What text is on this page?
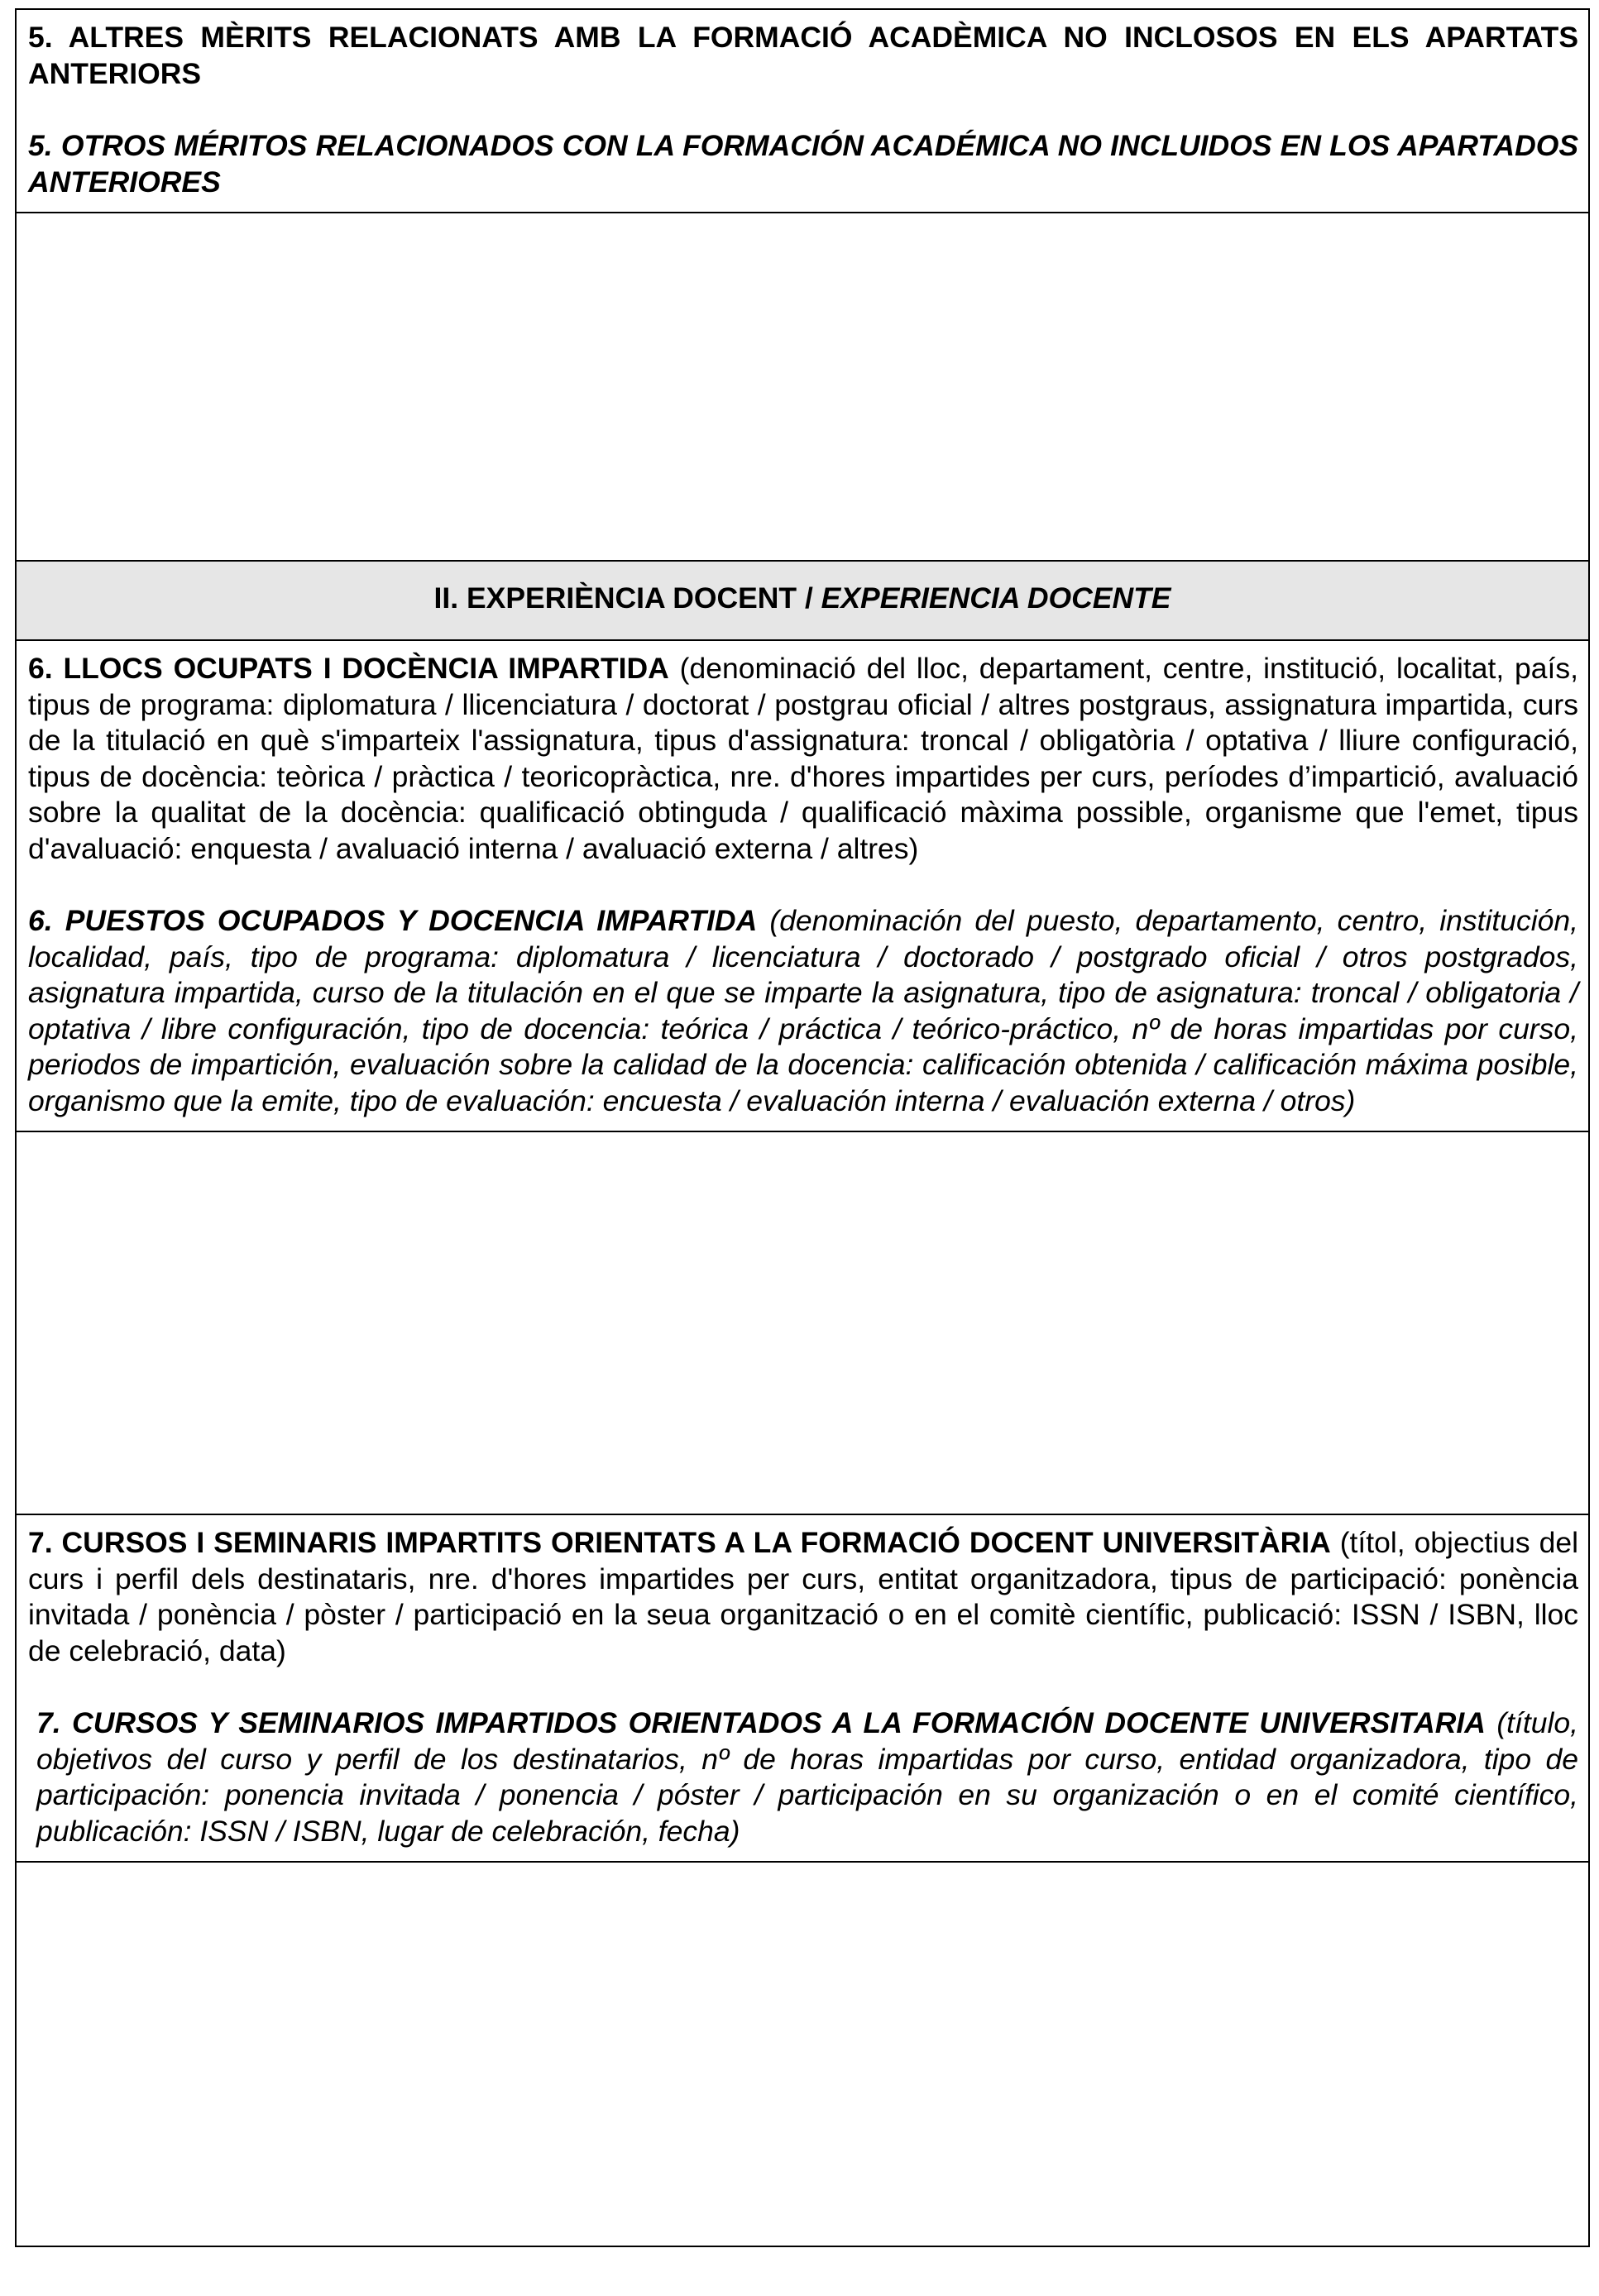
5. ALTRES MÈRITS RELACIONATS AMB LA FORMACIÓ ACADÈMICA NO INCLOSOS EN ELS APARTATS ANTERIORS

5. OTROS MÉRITOS RELACIONADOS CON LA FORMACIÓN ACADÉMICA NO INCLUIDOS EN LOS APARTADOS ANTERIORES

II. EXPERIÈNCIA DOCENT / EXPERIENCIA DOCENTE

6. LLOCS OCUPATS I DOCÈNCIA IMPARTIDA (denominació del lloc, departament, centre, institució, localitat, país, tipus de programa: diplomatura / llicenciatura / doctorat / postgrau oficial / altres postgraus, assignatura impartida, curs de la titulació en què s'imparteix l'assignatura, tipus d'assignatura: troncal / obligatòria / optativa / lliure configuració, tipus de docència: teòrica / pràctica / teoricopràctica, nre. d'hores impartides per curs, períodes d’impartició, avaluació sobre la qualitat de la docència: qualificació obtinguda / qualificació màxima possible, organisme que l'emet, tipus d'avaluació: enquesta / avaluació interna / avaluació externa / altres)

6. PUESTOS OCUPADOS Y DOCENCIA IMPARTIDA (denominación del puesto, departamento, centro, institución, localidad, país, tipo de programa: diplomatura / licenciatura / doctorado / postgrado oficial / otros postgrados, asignatura impartida, curso de la titulación en el que se imparte la asignatura, tipo de asignatura: troncal / obligatoria / optativa / libre configuración, tipo de docencia: teórica / práctica / teórico-práctico, nº de horas impartidas por curso, periodos de impartición, evaluación sobre la calidad de la docencia: calificación obtenida / calificación máxima posible, organismo que la emite, tipo de evaluación: encuesta / evaluación interna / evaluación externa / otros)

7. CURSOS I SEMINARIS IMPARTITS ORIENTATS A LA FORMACIÓ DOCENT UNIVERSITÀRIA (títol, objectius del curs i perfil dels destinataris, nre. d'hores impartides per curs, entitat organitzadora, tipus de participació: ponència invitada / ponència / pòster / participació en la seua organització o en el comitè científic, publicació: ISSN / ISBN, lloc de celebració, data)

7. CURSOS Y SEMINARIOS IMPARTIDOS ORIENTADOS A LA FORMACIÓN DOCENTE UNIVERSITARIA (título, objetivos del curso y perfil de los destinatarios, nº de horas impartidas por curso, entidad organizadora, tipo de participación: ponencia invitada / ponencia / póster / participación en su organización o en el comité científico, publicación: ISSN / ISBN, lugar de celebración, fecha)
